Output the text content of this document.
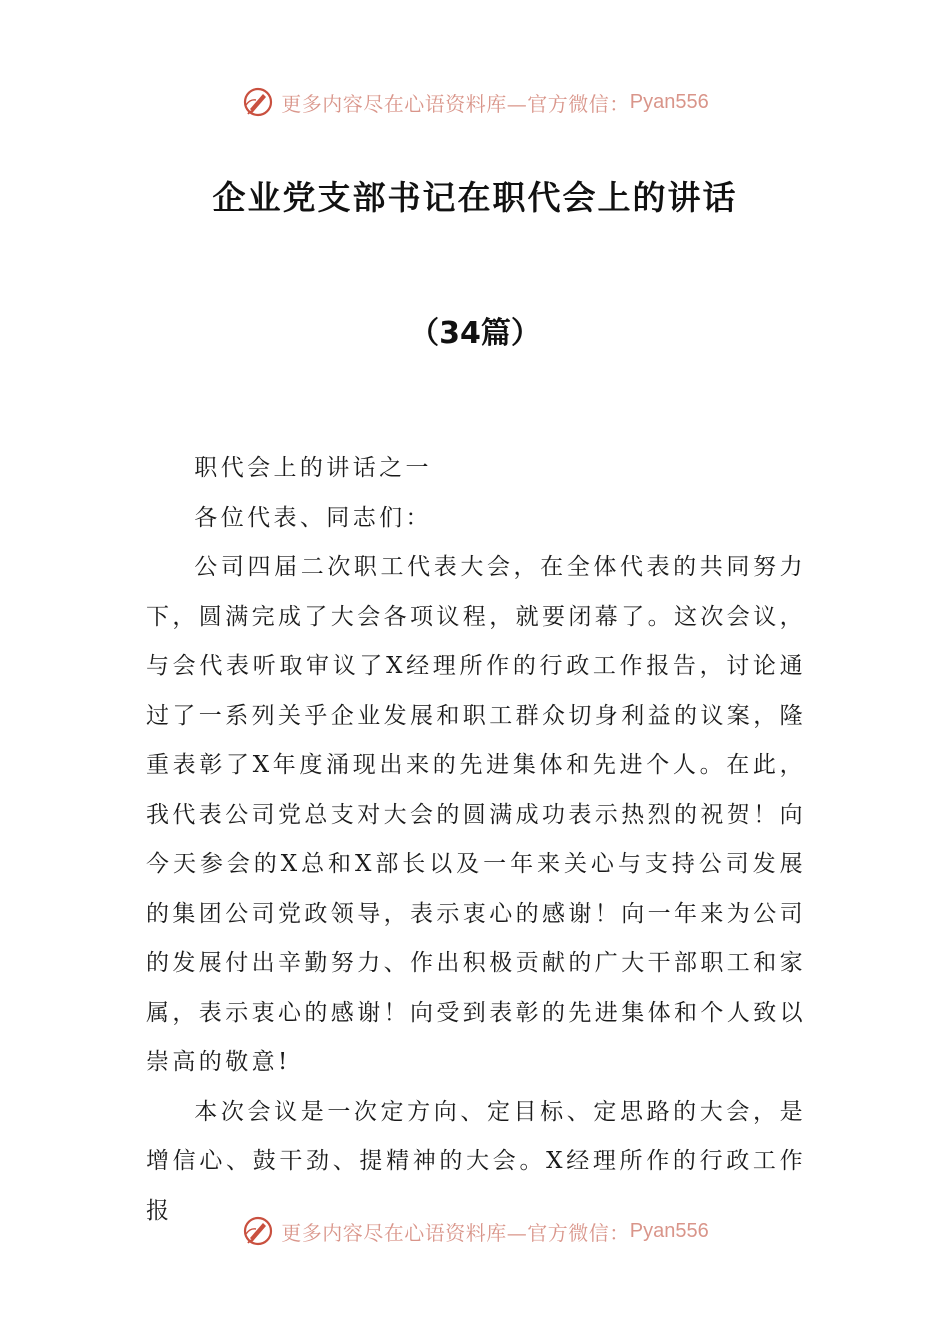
更多内容尽在心语资料库—官方微信： Pyan556
企业党支部书记在职代会上的讲话
（34篇）

职代会上的讲话之一

各位代表、同志们：

公司四届二次职工代表大会，在全体代表的共同努力下，圆满完成了大会各项议程，就要闭幕了。这次会议，与会代表听取审议了X经理所作的行政工作报告，讨论通过了一系列关乎企业发展和职工群众切身利益的议案，隆重表彰了X年度涌现出来的先进集体和先进个人。在此，我代表公司党总支对大会的圆满成功表示热烈的祝贺！向今天参会的X总和X部长以及一年来关心与支持公司发展的集团公司党政领导，表示衷心的感谢！向一年来为公司的发展付出辛勤努力、作出积极贡献的广大干部职工和家属，表示衷心的感谢！向受到表彰的先进集体和个人致以崇高的敬意!

本次会议是一次定方向、定目标、定思路的大会，是增信心、鼓干劲、提精神的大会。X经理所作的行政工作报

更多内容尽在心语资料库—官方微信： Pyan556
